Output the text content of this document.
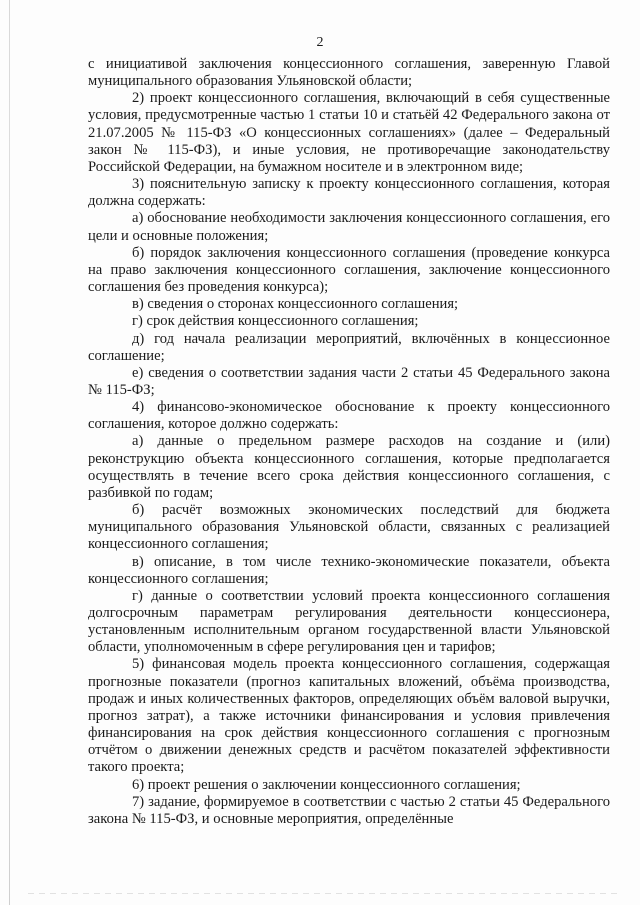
2

с инициативой заключения концессионного соглашения, заверенную Главой муниципального образования Ульяновской области;

2) проект концессионного соглашения, включающий в себя существенные условия, предусмотренные частью 1 статьи 10 и статьёй 42 Федерального закона от 21.07.2005 № 115-ФЗ «О концессионных соглашениях» (далее – Федеральный закон № 115-ФЗ), и иные условия, не противоречащие законодательству Российской Федерации, на бумажном носителе и в электронном виде;

3) пояснительную записку к проекту концессионного соглашения, которая должна содержать:

а) обоснование необходимости заключения концессионного соглашения, его цели и основные положения;

б) порядок заключения концессионного соглашения (проведение конкурса на право заключения концессионного соглашения, заключение концессионного соглашения без проведения конкурса);

в) сведения о сторонах концессионного соглашения;

г) срок действия концессионного соглашения;

д) год начала реализации мероприятий, включённых в концессионное соглашение;

е) сведения о соответствии задания части 2 статьи 45 Федерального закона № 115-ФЗ;

4) финансово-экономическое обоснование к проекту концессионного соглашения, которое должно содержать:

а) данные о предельном размере расходов на создание и (или) реконструкцию объекта концессионного соглашения, которые предполагается осуществлять в течение всего срока действия концессионного соглашения, с разбивкой по годам;

б) расчёт возможных экономических последствий для бюджета муниципального образования Ульяновской области, связанных с реализацией концессионного соглашения;

в) описание, в том числе технико-экономические показатели, объекта концессионного соглашения;

г) данные о соответствии условий проекта концессионного соглашения долгосрочным параметрам регулирования деятельности концессионера, установленным исполнительным органом государственной власти Ульяновской области, уполномоченным в сфере регулирования цен и тарифов;

5) финансовая модель проекта концессионного соглашения, содержащая прогнозные показатели (прогноз капитальных вложений, объёма производства, продаж и иных количественных факторов, определяющих объём валовой выручки, прогноз затрат), а также источники финансирования и условия привлечения финансирования на срок действия концессионного соглашения с прогнозным отчётом о движении денежных средств и расчётом показателей эффективности такого проекта;

6) проект решения о заключении концессионного соглашения;

7) задание, формируемое в соответствии с частью 2 статьи 45 Федерального закона № 115-ФЗ, и основные мероприятия, определённые
